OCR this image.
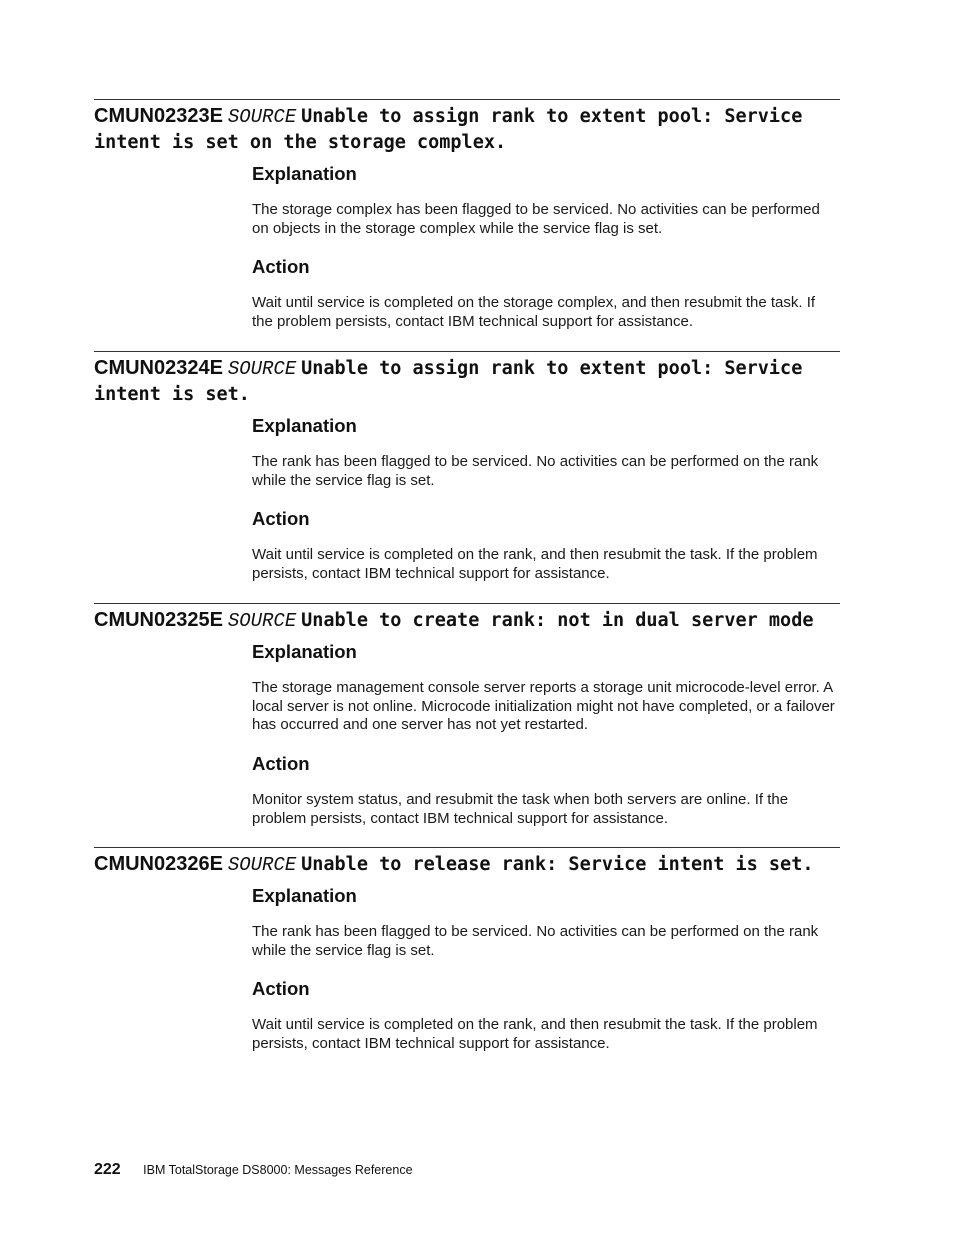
CMUN02323E SOURCE Unable to assign rank to extent pool: Service intent is set on the storage complex.
Explanation

The storage complex has been flagged to be serviced. No activities can be performed on objects in the storage complex while the service flag is set.

Action

Wait until service is completed on the storage complex, and then resubmit the task. If the problem persists, contact IBM technical support for assistance.

CMUN02324E SOURCE Unable to assign rank to extent pool: Service intent is set.
Explanation

The rank has been flagged to be serviced. No activities can be performed on the rank while the service flag is set.

Action

Wait until service is completed on the rank, and then resubmit the task. If the problem persists, contact IBM technical support for assistance.

CMUN02325E SOURCE Unable to create rank: not in dual server mode
Explanation

The storage management console server reports a storage unit microcode-level error. A local server is not online. Microcode initialization might not have completed, or a failover has occurred and one server has not yet restarted.

Action

Monitor system status, and resubmit the task when both servers are online. If the problem persists, contact IBM technical support for assistance.

CMUN02326E SOURCE Unable to release rank: Service intent is set.
Explanation

The rank has been flagged to be serviced. No activities can be performed on the rank while the service flag is set.

Action

Wait until service is completed on the rank, and then resubmit the task. If the problem persists, contact IBM technical support for assistance.

222 IBM TotalStorage DS8000: Messages Reference
